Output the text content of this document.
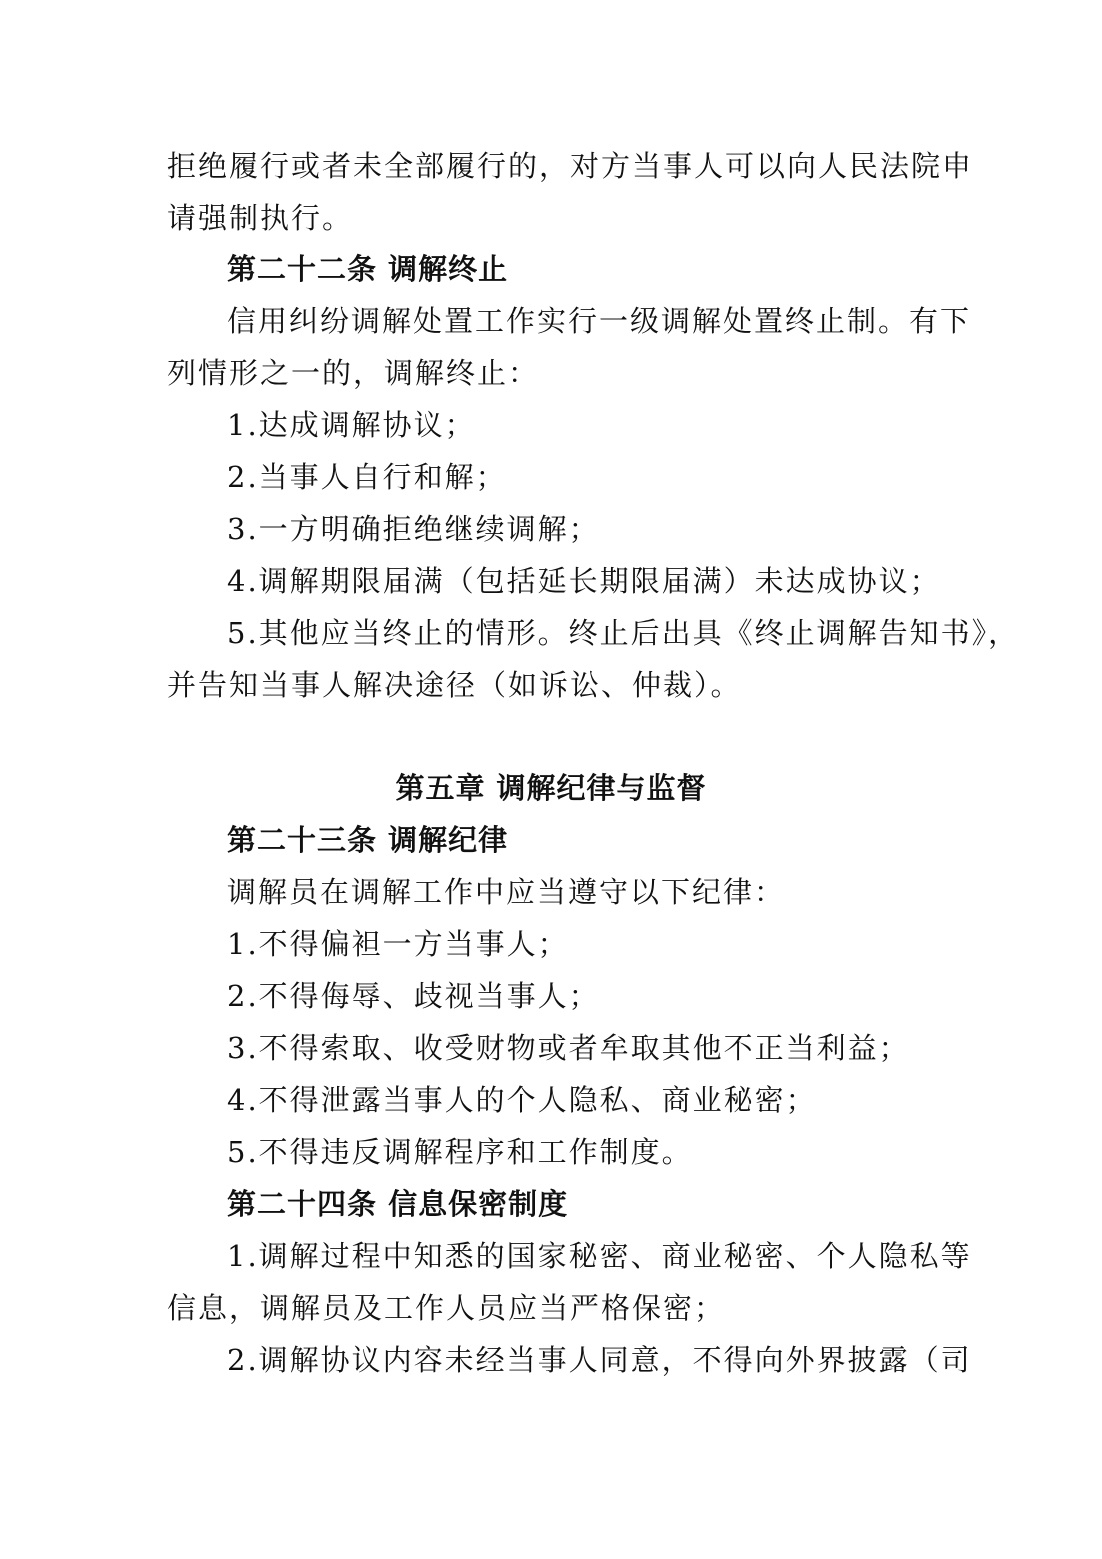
拒绝履行或者未全部履行的，对方当事人可以向人民法院申
请强制执行。
第二十二条 调解终止
信用纠纷调解处置工作实行一级调解处置终止制。有下
列情形之一的，调解终止：
1.达成调解协议；
2.当事人自行和解；
3.一方明确拒绝继续调解；
4.调解期限届满（包括延长期限届满）未达成协议；
5.其他应当终止的情形。终止后出具《终止调解告知书》，
并告知当事人解决途径（如诉讼、仲裁）。
第五章 调解纪律与监督
第二十三条 调解纪律
调解员在调解工作中应当遵守以下纪律：
1.不得偏袒一方当事人；
2.不得侮辱、歧视当事人；
3.不得索取、收受财物或者牟取其他不正当利益；
4.不得泄露当事人的个人隐私、商业秘密；
5.不得违反调解程序和工作制度。
第二十四条 信息保密制度
1.调解过程中知悉的国家秘密、商业秘密、个人隐私等
信息，调解员及工作人员应当严格保密；
2.调解协议内容未经当事人同意，不得向外界披露（司
